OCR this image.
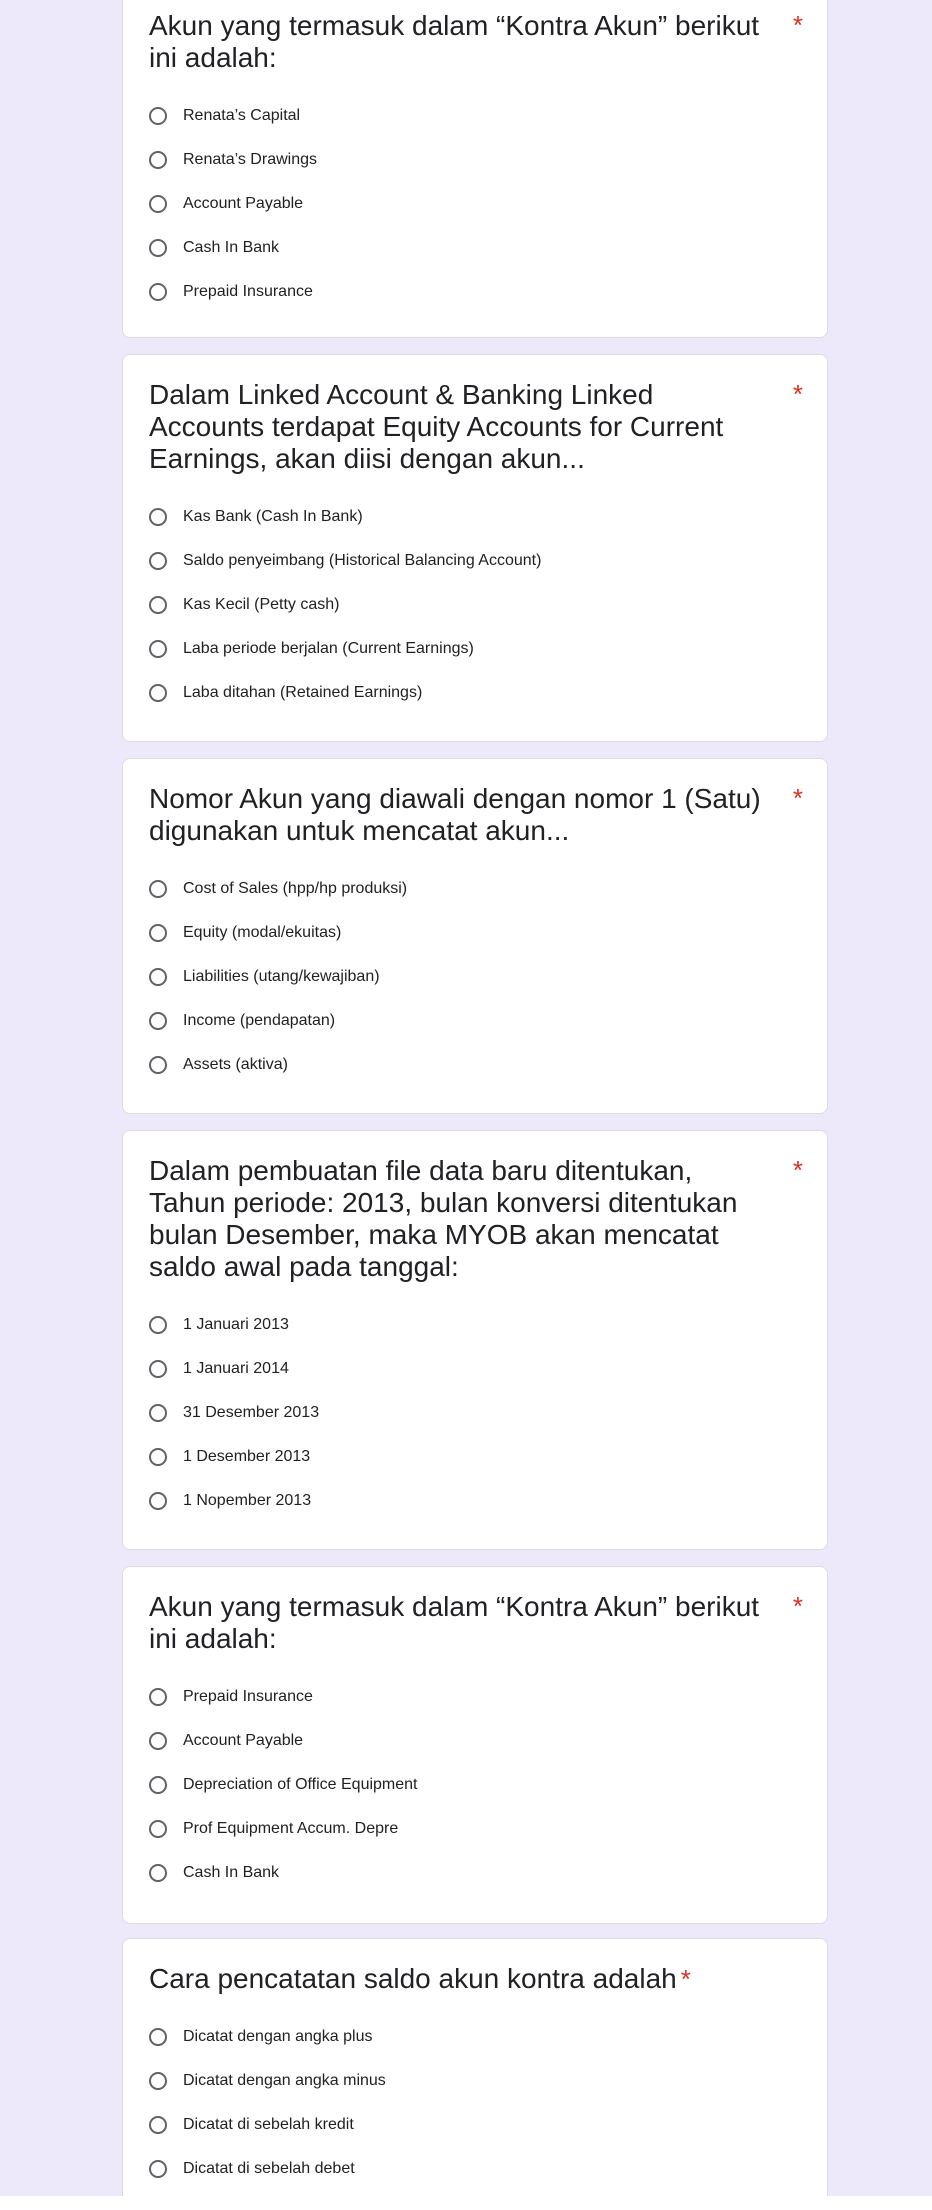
Akun yang termasuk dalam “Kontra Akun” berikut ini adalah:
*
Renata’s Capital
Renata’s Drawings
Account Payable
Cash In Bank
Prepaid Insurance
Dalam Linked Account & Banking Linked Accounts terdapat Equity Accounts for Current Earnings, akan diisi dengan akun...
*
Kas Bank (Cash In Bank)
Saldo penyeimbang (Historical Balancing Account)
Kas Kecil (Petty cash)
Laba periode berjalan (Current Earnings)
Laba ditahan (Retained Earnings)
Nomor Akun yang diawali dengan nomor 1 (Satu) digunakan untuk mencatat akun...
*
Cost of Sales (hpp/hp produksi)
Equity (modal/ekuitas)
Liabilities (utang/kewajiban)
Income (pendapatan)
Assets (aktiva)
Dalam pembuatan file data baru ditentukan, Tahun periode: 2013, bulan konversi ditentukan bulan Desember, maka MYOB akan mencatat saldo awal pada tanggal:
*
1 Januari 2013
1 Januari 2014
31 Desember 2013
1 Desember 2013
1 Nopember 2013
Akun yang termasuk dalam “Kontra Akun” berikut ini adalah:
*
Prepaid Insurance
Account Payable
Depreciation of Office Equipment
Prof Equipment Accum. Depre
Cash In Bank
Cara pencatatan saldo akun kontra adalah *
Dicatat dengan angka plus
Dicatat dengan angka minus
Dicatat di sebelah kredit
Dicatat di sebelah debet
